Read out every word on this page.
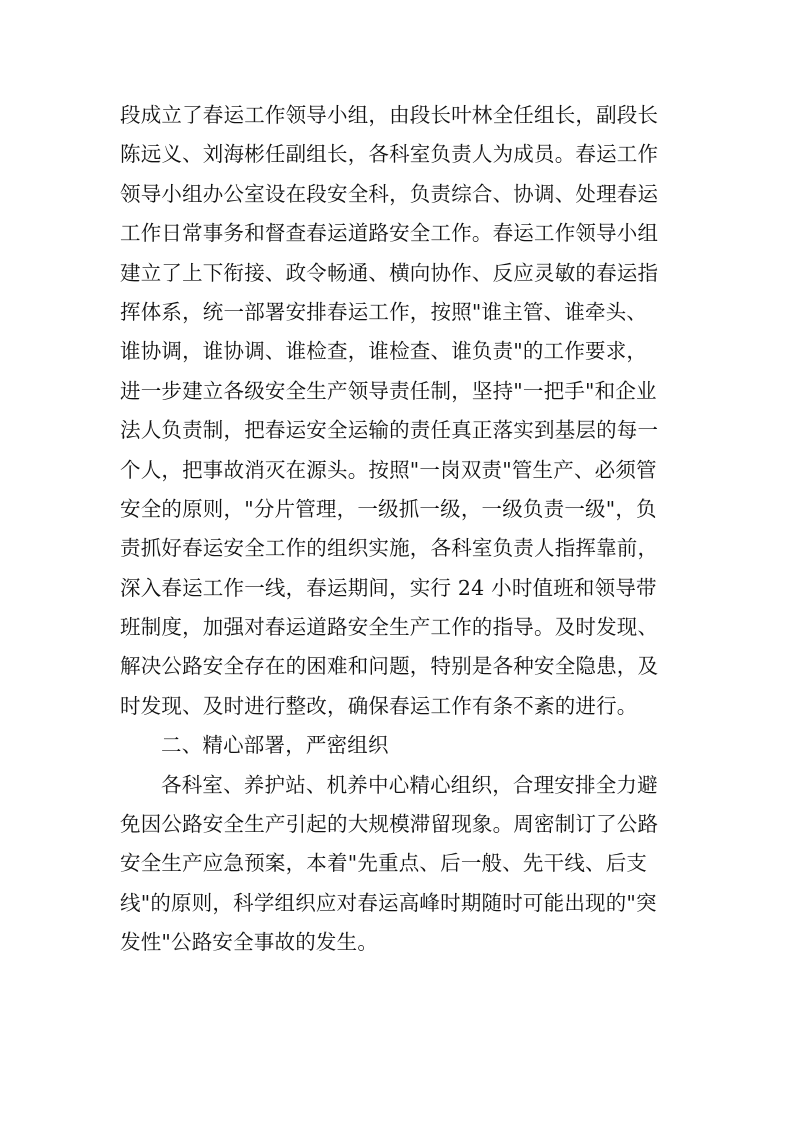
段成立了春运工作领导小组，由段长叶林全任组长，副段长
陈远义、刘海彬任副组长，各科室负责人为成员。春运工作
领导小组办公室设在段安全科，负责综合、协调、处理春运
工作日常事务和督查春运道路安全工作。春运工作领导小组
建立了上下衔接、政令畅通、横向协作、反应灵敏的春运指
挥体系，统一部署安排春运工作，按照"谁主管、谁牵头、
谁协调，谁协调、谁检查，谁检查、谁负责"的工作要求，
进一步建立各级安全生产领导责任制，坚持"一把手"和企业
法人负责制，把春运安全运输的责任真正落实到基层的每一
个人，把事故消灭在源头。按照"一岗双责"管生产、必须管
安全的原则，"分片管理，一级抓一级，一级负责一级"，负
责抓好春运安全工作的组织实施，各科室负责人指挥靠前，
深入春运工作一线，春运期间，实行 24 小时值班和领导带
班制度，加强对春运道路安全生产工作的指导。及时发现、
解决公路安全存在的困难和问题，特别是各种安全隐患，及
时发现、及时进行整改，确保春运工作有条不紊的进行。
二、精心部署，严密组织
各科室、养护站、机养中心精心组织，合理安排全力避
免因公路安全生产引起的大规模滞留现象。周密制订了公路
安全生产应急预案，本着"先重点、后一般、先干线、后支
线"的原则，科学组织应对春运高峰时期随时可能出现的"突
发性"公路安全事故的发生。
